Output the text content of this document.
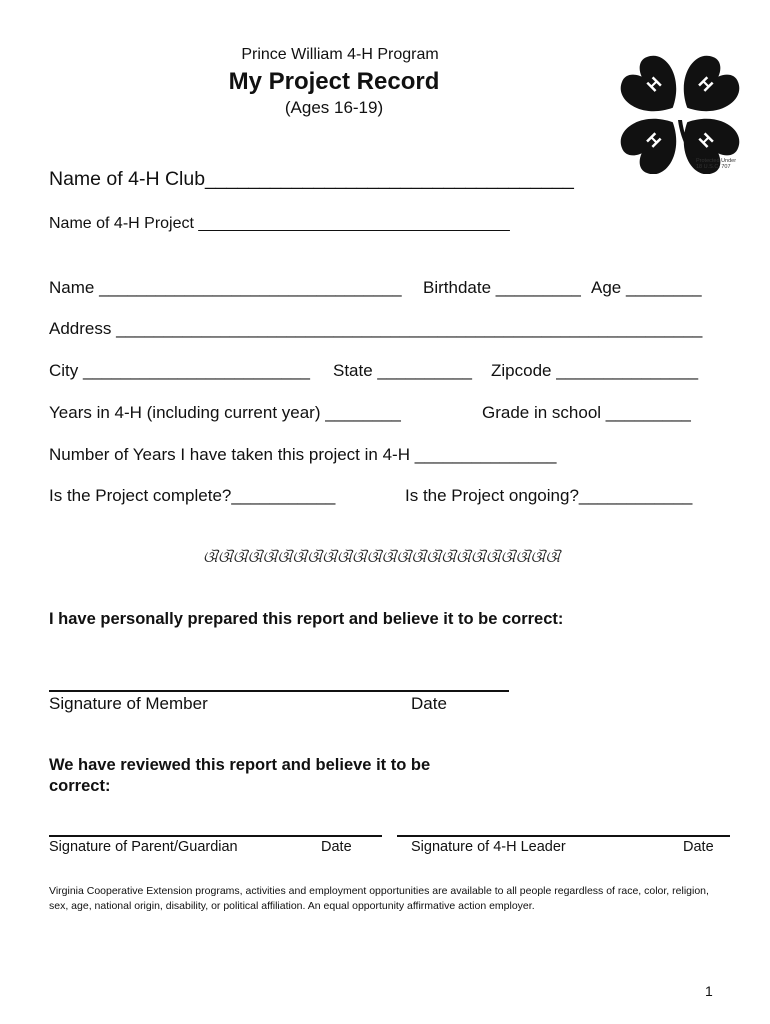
Prince William 4-H Program
My Project Record
(Ages 16-19)
H H
H H
Protected Under
18 U.S.C. 707
Name of 4-H Club__________________________________
Name of 4-H Project ___________________________________
Name ________________________________ Birthdate _________ Age ________
Address ______________________________________________________________
City ________________________ State __________ Zipcode _______________
Years in 4-H (including current year) ________	Grade in school _________
Number of Years I have taken this project in 4-H _______________
Is the Project complete?___________	Is the Project ongoing?____________
ଔଔଔଔଔଔଔଔଔଔଔଔଔଔଔଔଔଔଔଔଔଔଔଔ
I have personally prepared this report and believe it to be correct:
Signature of Member	Date
We have reviewed this report and believe it to be
correct:
Signature of Parent/Guardian	Date	Signature of 4-H Leader	Date
Virginia Cooperative Extension programs, activities and employment opportunities are available to all people regardless of race, color, religion, sex, age, national origin, disability, or political affiliation. An equal opportunity affirmative action employer.
1
